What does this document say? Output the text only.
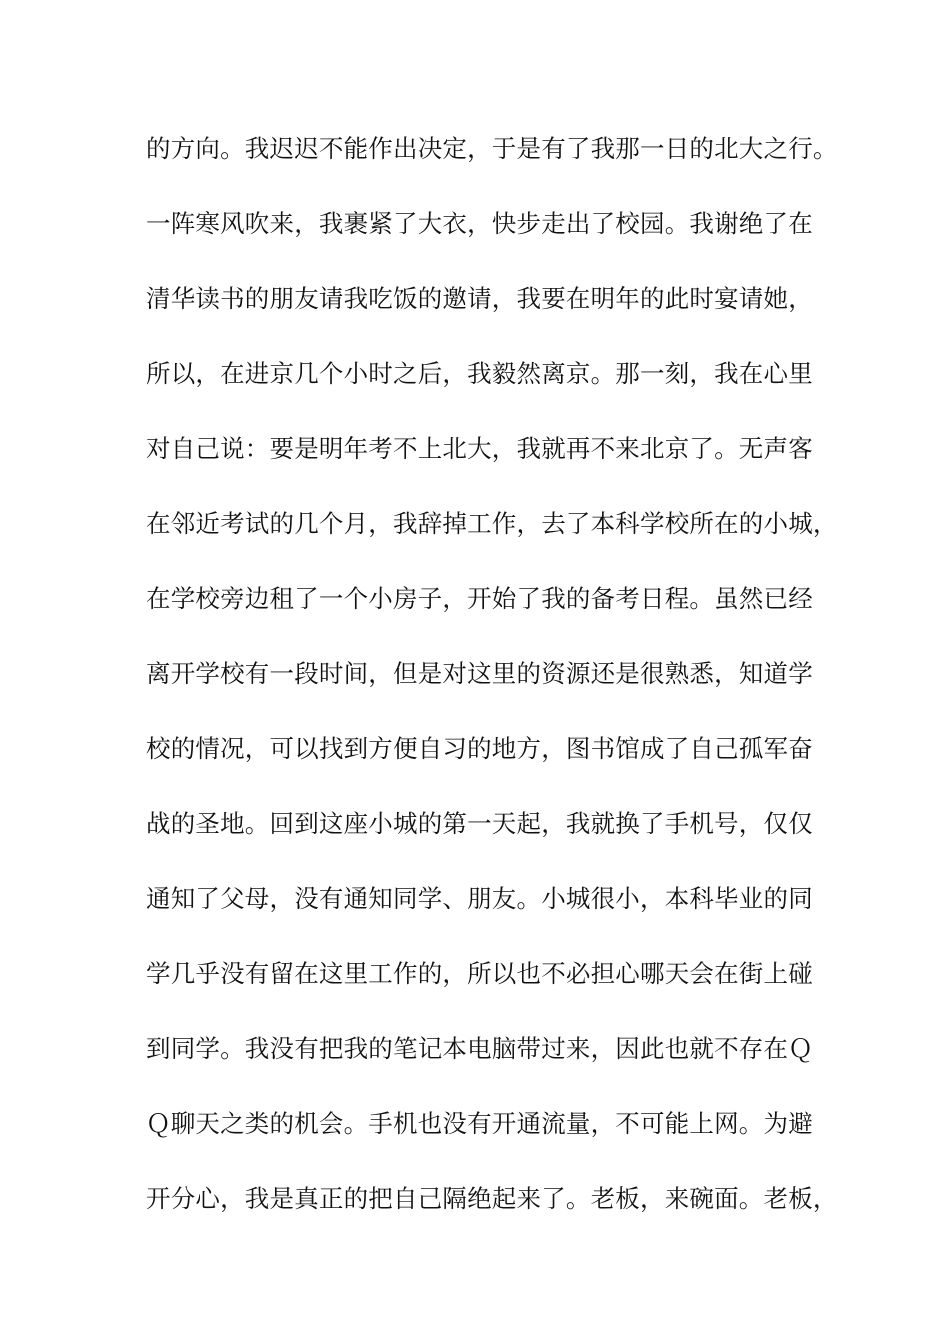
的方向。我迟迟不能作出决定，于是有了我那一日的北大之行。
一阵寒风吹来，我裹紧了大衣，快步走出了校园。我谢绝了在
清华读书的朋友请我吃饭的邀请，我要在明年的此时宴请她，
所以，在进京几个小时之后，我毅然离京。那一刻，我在心里
对自己说：要是明年考不上北大，我就再不来北京了。无声客
在邻近考试的几个月，我辞掉工作，去了本科学校所在的小城，
在学校旁边租了一个小房子，开始了我的备考日程。虽然已经
离开学校有一段时间，但是对这里的资源还是很熟悉，知道学
校的情况，可以找到方便自习的地方，图书馆成了自己孤军奋
战的圣地。回到这座小城的第一天起，我就换了手机号，仅仅
通知了父母，没有通知同学、朋友。小城很小，本科毕业的同
学几乎没有留在这里工作的，所以也不必担心哪天会在街上碰
到同学。我没有把我的笔记本电脑带过来，因此也就不存在Ｑ
Ｑ聊天之类的机会。手机也没有开通流量，不可能上网。为避
开分心，我是真正的把自己隔绝起来了。老板，来碗面。老板，
